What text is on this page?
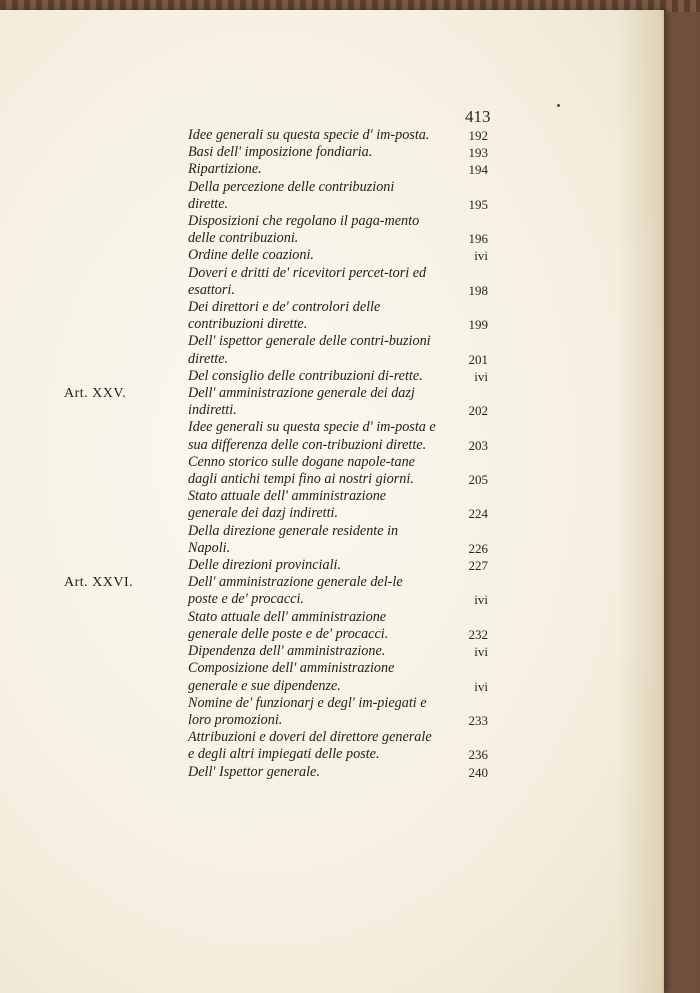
413
Idee generali su questa specie d' im-posta.	192
Basi dell' imposizione fondiaria.	193
Ripartizione.	194
Della percezione delle contribuzioni dirette.	195
Disposizioni che regolano il paga-mento delle contribuzioni.	196
Ordine delle coazioni.	ivi
Doveri e dritti de' ricevitori percet-tori ed esattori.	198
Dei direttori e de' controlori delle contribuzioni dirette.	199
Dell' ispettor generale delle contri-buzioni dirette.	201
Del consiglio delle contribuzioni di-rette.	ivi
Art. XXV.	Dell' amministrazione generale dei dazj indiretti.	202
Idee generali su questa specie d' im-posta e sua differenza delle con-tribuzioni dirette.	203
Cenno storico sulle dogane napole-tane dagli antichi tempi fino ai nostri giorni.	205
Stato attuale dell' amministrazione generale dei dazj indiretti.	224
Della direzione generale residente in Napoli.	226
Delle direzioni provinciali.	227
Art. XXVI.	Dell' amministrazione generale del-le poste e de' procacci.	ivi
Stato attuale dell' amministrazione generale delle poste e de' procacci.	232
Dipendenza dell' amministrazione.	ivi
Composizione dell' amministrazione generale e sue dipendenze.	ivi
Nomine de' funzionarj e degl' im-piegati e loro promozioni.	233
Attribuzioni e doveri del direttore generale e degli altri impiegati delle poste.	236
Dell' Ispettor generale.	240
